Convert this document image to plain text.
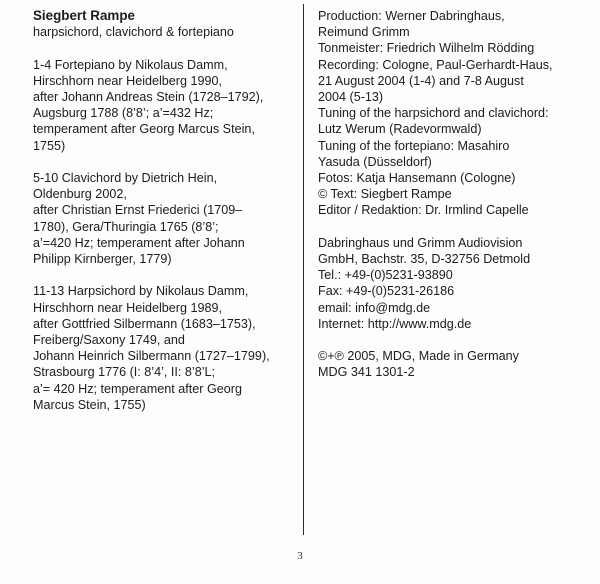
Siegbert Rampe
harpsichord, clavichord & fortepiano
1-4 Fortepiano by Nikolaus Damm,
Hirschhorn near Heidelberg 1990,
after Johann Andreas Stein (1728–1792),
Augsburg 1788 (8’8’; a’=432 Hz;
temperament after Georg Marcus Stein,
1755)
5-10 Clavichord by Dietrich Hein,
Oldenburg 2002,
after Christian Ernst Friederici (1709–
1780), Gera/Thuringia 1765 (8’8’;
a’=420 Hz; temperament after Johann
Philipp Kirnberger, 1779)
11-13 Harpsichord by Nikolaus Damm,
Hirschhorn near Heidelberg 1989,
after Gottfried Silbermann (1683–1753),
Freiberg/Saxony 1749, and
Johann Heinrich Silbermann (1727–1799),
Strasbourg 1776 (I: 8’4’, II: 8’8’L;
a’= 420 Hz; temperament after Georg
Marcus Stein, 1755)
Production: Werner Dabringhaus,
Reimund Grimm
Tonmeister: Friedrich Wilhelm Rödding
Recording: Cologne, Paul-Gerhardt-Haus,
21 August 2004 (1-4) and 7-8 August
2004 (5-13)
Tuning of the harpsichord and clavichord:
Lutz Werum (Radevormwald)
Tuning of the fortepiano: Masahiro
Yasuda (Düsseldorf)
Fotos: Katja Hansemann (Cologne)
© Text: Siegbert Rampe
Editor / Redaktion: Dr. Irmlind Capelle
Dabringhaus und Grimm Audiovision
GmbH, Bachstr. 35, D-32756 Detmold
Tel.: +49-(0)5231-93890
Fax: +49-(0)5231-26186
email: info@mdg.de
Internet: http://www.mdg.de
©+℗ 2005, MDG, Made in Germany
MDG 341 1301-2
3
